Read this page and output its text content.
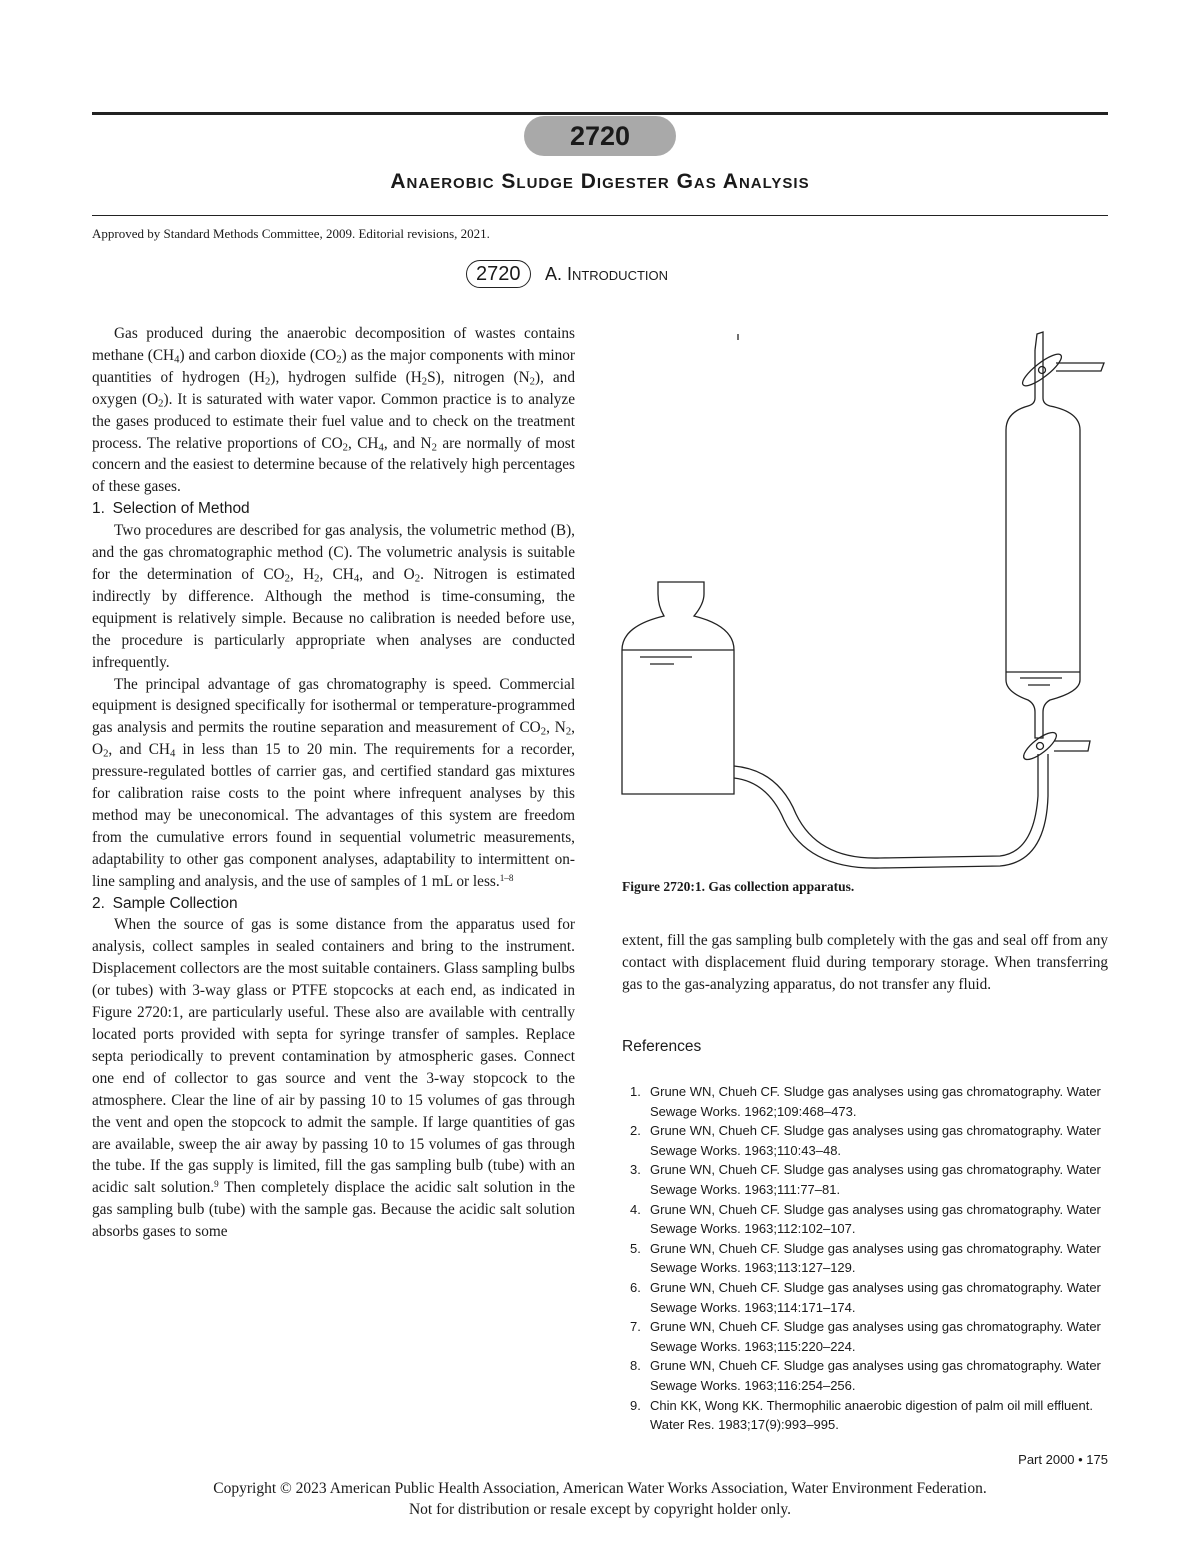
2720
Anaerobic Sludge Digester Gas Analysis
Approved by Standard Methods Committee, 2009. Editorial revisions, 2021.
2720 A. Introduction

Gas produced during the anaerobic decomposition of wastes contains methane $(CH_4)$ and carbon dioxide $(CO_2)$ as the major components with minor quantities of hydrogen $(H_2)$, hydrogen sulfide $(H_2S)$, nitrogen $(N_2)$, and oxygen $(O_2)$. It is saturated with water vapor. Common practice is to analyze the gases produced to estimate their fuel value and to check on the treatment process. The relative proportions of $CO_2$, $CH_4$, and $N_2$ are normally of most concern and the easiest to determine because of the relatively high percentages of these gases.

1. Selection of Method

Two procedures are described for gas analysis, the volumetric method (B), and the gas chromatographic method (C). The volumetric analysis is suitable for the determination of $CO_2$, $H_2$, $CH_4$, and $O_2$. Nitrogen is estimated indirectly by difference. Although the method is time-consuming, the equipment is relatively simple. Because no calibration is needed before use, the procedure is particularly appropriate when analyses are conducted infrequently.

The principal advantage of gas chromatography is speed. Commercial equipment is designed specifically for isothermal or temperature-programmed gas analysis and permits the routine separation and measurement of $CO_2$, $N_2$, $O_2$, and $CH_4$ in less than 15 to 20 min. The requirements for a recorder, pressure-regulated bottles of carrier gas, and certified standard gas mixtures for calibration raise costs to the point where infrequent analyses by this method may be uneconomical. The advantages of this system are freedom from the cumulative errors found in sequential volumetric measurements, adaptability to other gas component analyses, adaptability to intermittent on-line sampling and analysis, and the use of samples of 1 mL or less.$^{1-8}$

2. Sample Collection

When the source of gas is some distance from the apparatus used for analysis, collect samples in sealed containers and bring to the instrument. Displacement collectors are the most suitable containers. Glass sampling bulbs (or tubes) with 3-way glass or PTFE stopcocks at each end, as indicated in Figure 2720:1, are particularly useful. These also are available with centrally located ports provided with septa for syringe transfer of samples. Replace septa periodically to prevent contamination by atmospheric gases. Connect one end of collector to gas source and vent the 3-way stopcock to the atmosphere. Clear the line of air by passing 10 to 15 volumes of gas through the vent and open the stopcock to admit the sample. If large quantities of gas are available, sweep the air away by passing 10 to 15 volumes of gas through the tube. If the gas supply is limited, fill the gas sampling bulb (tube) with an acidic salt solution.$^9$ Then completely displace the acidic salt solution in the gas sampling bulb (tube) with the sample gas. Because the acidic salt solution absorbs gases to some

Figure 2720:1. Gas collection apparatus.
extent, fill the gas sampling bulb completely with the gas and seal off from any contact with displacement fluid during temporary storage. When transferring gas to the gas-analyzing apparatus, do not transfer any fluid.
References
1. Grune WN, Chueh CF. Sludge gas analyses using gas chromatography. Water Sewage Works. 1962;109:468–473.
2. Grune WN, Chueh CF. Sludge gas analyses using gas chromatography. Water Sewage Works. 1963;110:43–48.
3. Grune WN, Chueh CF. Sludge gas analyses using gas chromatography. Water Sewage Works. 1963;111:77–81.
4. Grune WN, Chueh CF. Sludge gas analyses using gas chromatography. Water Sewage Works. 1963;112:102–107.
5. Grune WN, Chueh CF. Sludge gas analyses using gas chromatography. Water Sewage Works. 1963;113:127–129.
6. Grune WN, Chueh CF. Sludge gas analyses using gas chromatography. Water Sewage Works. 1963;114:171–174.
7. Grune WN, Chueh CF. Sludge gas analyses using gas chromatography. Water Sewage Works. 1963;115:220–224.
8. Grune WN, Chueh CF. Sludge gas analyses using gas chromatography. Water Sewage Works. 1963;116:254–256.
9. Chin KK, Wong KK. Thermophilic anaerobic digestion of palm oil mill effluent. Water Res. 1983;17(9):993–995.
Part 2000 • 175
Copyright © 2023 American Public Health Association, American Water Works Association, Water Environment Federation.
Not for distribution or resale except by copyright holder only.
